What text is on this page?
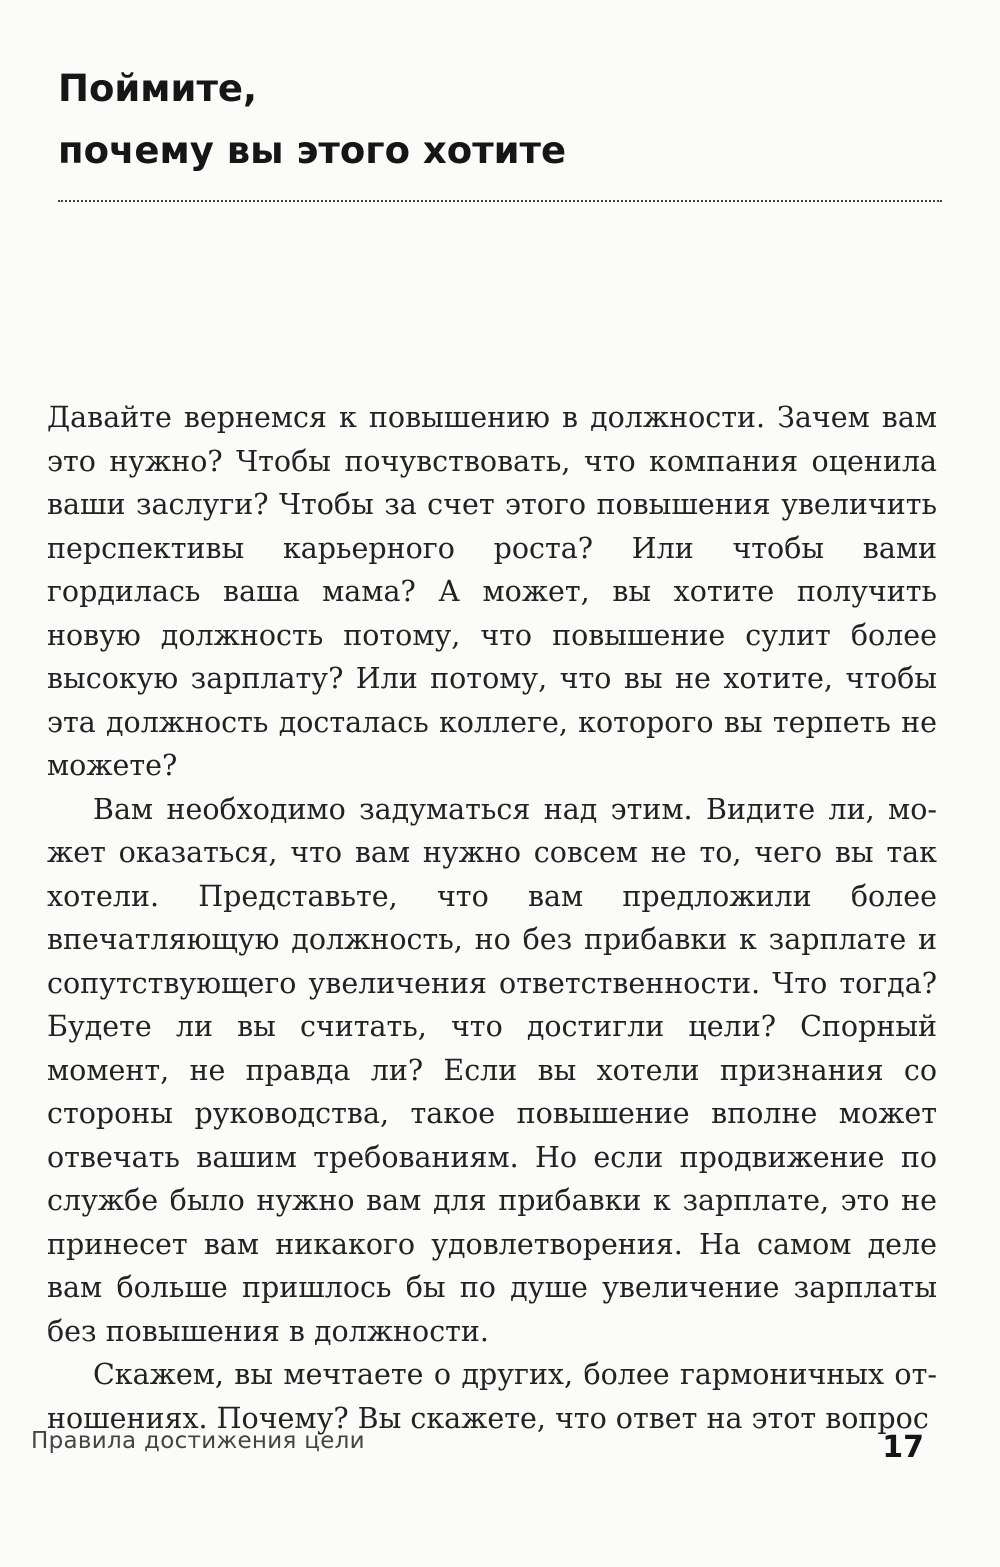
Поймите,
почему вы этого хотите

Давайте вернемся к повышению в должности. Зачем вам это нужно? Чтобы почувствовать, что компания оценила ваши заслуги? Чтобы за счет этого повышения увеличить перспективы карьерного роста? Или чтобы вами гордилась ваша мама? А может, вы хотите получить новую должность потому, что повышение сулит более высокую зарплату? Или потому, что вы не хотите, чтобы эта должность досталась коллеге, которого вы терпеть не можете?

Вам необходимо задуматься над этим. Видите ли, может оказаться, что вам нужно совсем не то, чего вы так хотели. Представьте, что вам предложили более впечатляющую должность, но без прибавки к зарплате и сопутствующего увеличения ответственности. Что тогда? Будете ли вы считать, что достигли цели? Спорный момент, не правда ли? Если вы хотели признания со стороны руководства, такое повышение вполне может отвечать вашим требованиям. Но если продвижение по службе было нужно вам для прибавки к зарплате, это не принесет вам никакого удовлетворения. На самом деле вам больше пришлось бы по душе увеличение зарплаты без повышения в должности.

Скажем, вы мечтаете о других, более гармоничных отношениях. Почему? Вы скажете, что ответ на этот вопрос

Правила достижения цели	17
